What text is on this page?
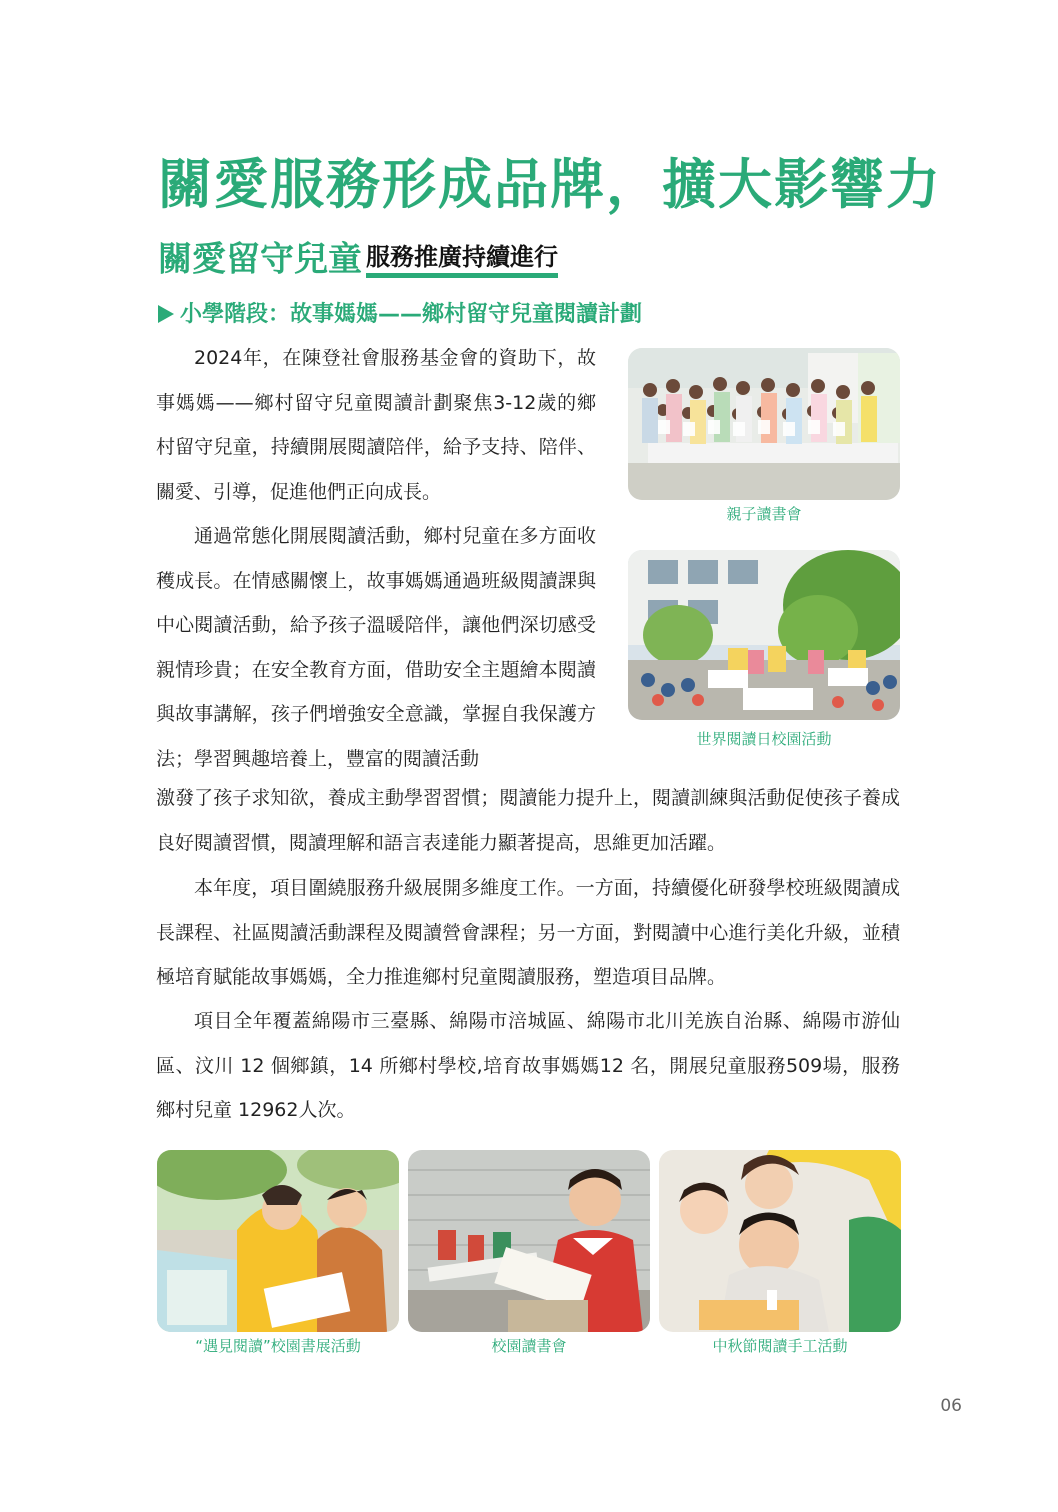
關愛服務形成品牌，擴大影響力
關愛留守兒童 服務推廣持續進行
小學階段：故事媽媽——鄉村留守兒童閱讀計劃

2024年，在陳登社會服務基金會的資助下，故事媽媽——鄉村留守兒童閱讀計劃聚焦3-12歲的鄉村留守兒童，持續開展閱讀陪伴，給予支持、陪伴、關愛、引導，促進他們正向成長。

通過常態化開展閱讀活動，鄉村兒童在多方面收穫成長。在情感關懷上，故事媽媽通過班級閱讀課與中心閱讀活動，給予孩子溫暖陪伴，讓他們深切感受親情珍貴；在安全教育方面，借助安全主題繪本閱讀與故事講解，孩子們增強安全意識，掌握自我保護方法；學習興趣培養上，豐富的閱讀活動

激發了孩子求知欲，養成主動學習習慣；閱讀能力提升上，閱讀訓練與活動促使孩子養成良好閱讀習慣，閱讀理解和語言表達能力顯著提高，思維更加活躍。

本年度，項目圍繞服務升級展開多維度工作。一方面，持續優化研發學校班級閱讀成長課程、社區閱讀活動課程及閱讀營會課程；另一方面，對閱讀中心進行美化升級，並積極培育賦能故事媽媽，全力推進鄉村兒童閱讀服務，塑造項目品牌。

項目全年覆蓋綿陽市三臺縣、綿陽市涪城區、綿陽市北川羌族自治縣、綿陽市游仙區、汶川 12 個鄉鎮，14 所鄉村學校,培育故事媽媽12 名，開展兒童服務509場，服務鄉村兒童 12962人次。

親子讀書會
世界閱讀日校園活動
“遇見閱讀”校園書展活動	校園讀書會	中秋節閱讀手工活動
06
